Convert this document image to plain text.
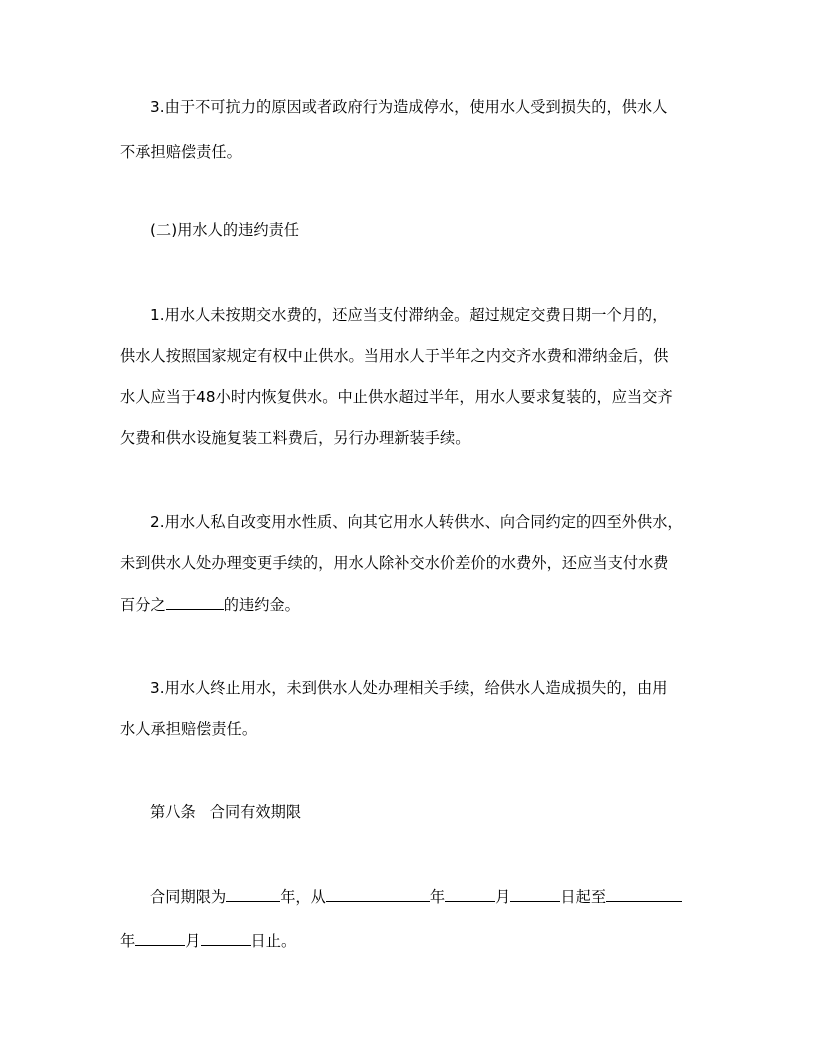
3.由于不可抗力的原因或者政府行为造成停水，使用水人受到损失的，供水人
不承担赔偿责任。
(二)用水人的违约责任
1.用水人未按期交水费的，还应当支付滞纳金。超过规定交费日期一个月的，
供水人按照国家规定有权中止供水。当用水人于半年之内交齐水费和滞纳金后，供
水人应当于48小时内恢复供水。中止供水超过半年，用水人要求复装的，应当交齐
欠费和供水设施复装工料费后，另行办理新装手续。
2.用水人私自改变用水性质、向其它用水人转供水、向合同约定的四至外供水，
未到供水人处办理变更手续的，用水人除补交水价差价的水费外，还应当支付水费
百分之	的违约金。
3.用水人终止用水，未到供水人处办理相关手续，给供水人造成损失的，由用
水人承担赔偿责任。
第八条 合同有效期限
合同期限为	年，从	年	月	日起至
年	月	日止。
